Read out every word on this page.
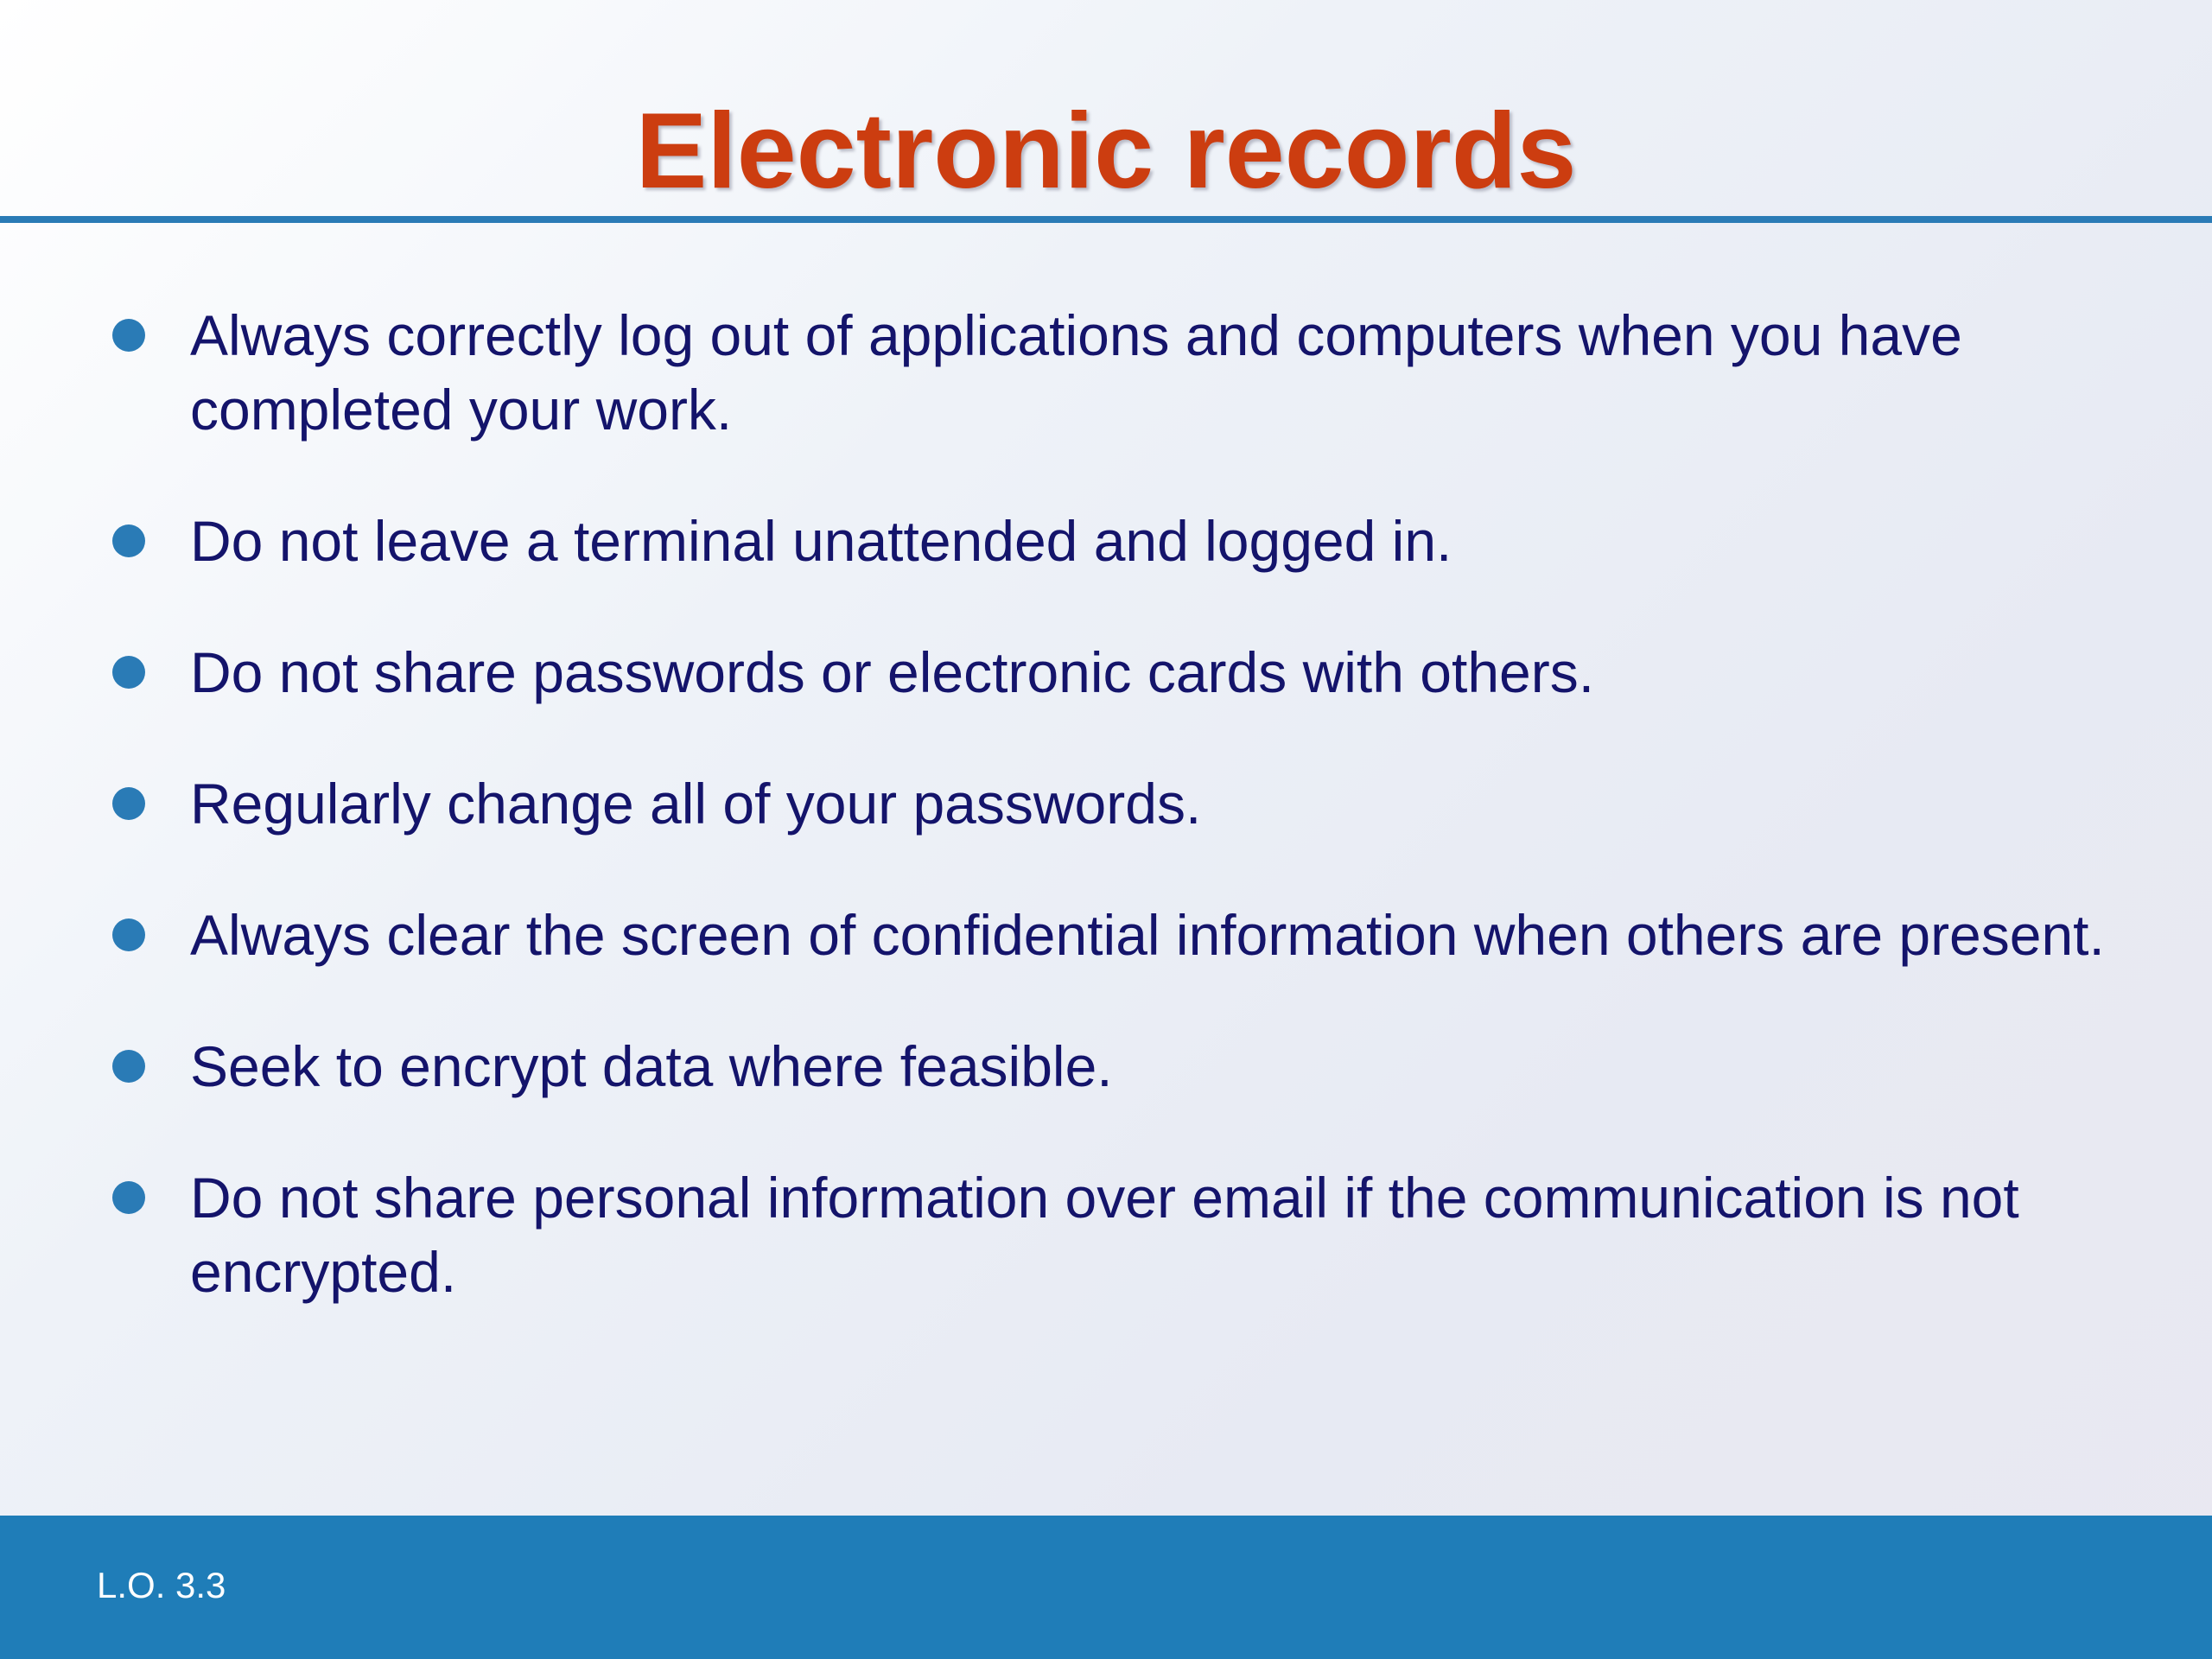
Electronic records
Always correctly log out of applications and computers when you have completed your work.
Do not leave a terminal unattended and logged in.
Do not share passwords or electronic cards with others.
Regularly change all of your passwords.
Always clear the screen of confidential information when others are present.
Seek to encrypt data where feasible.
Do not share personal information over email if the communication is not encrypted.
L.O. 3.3
